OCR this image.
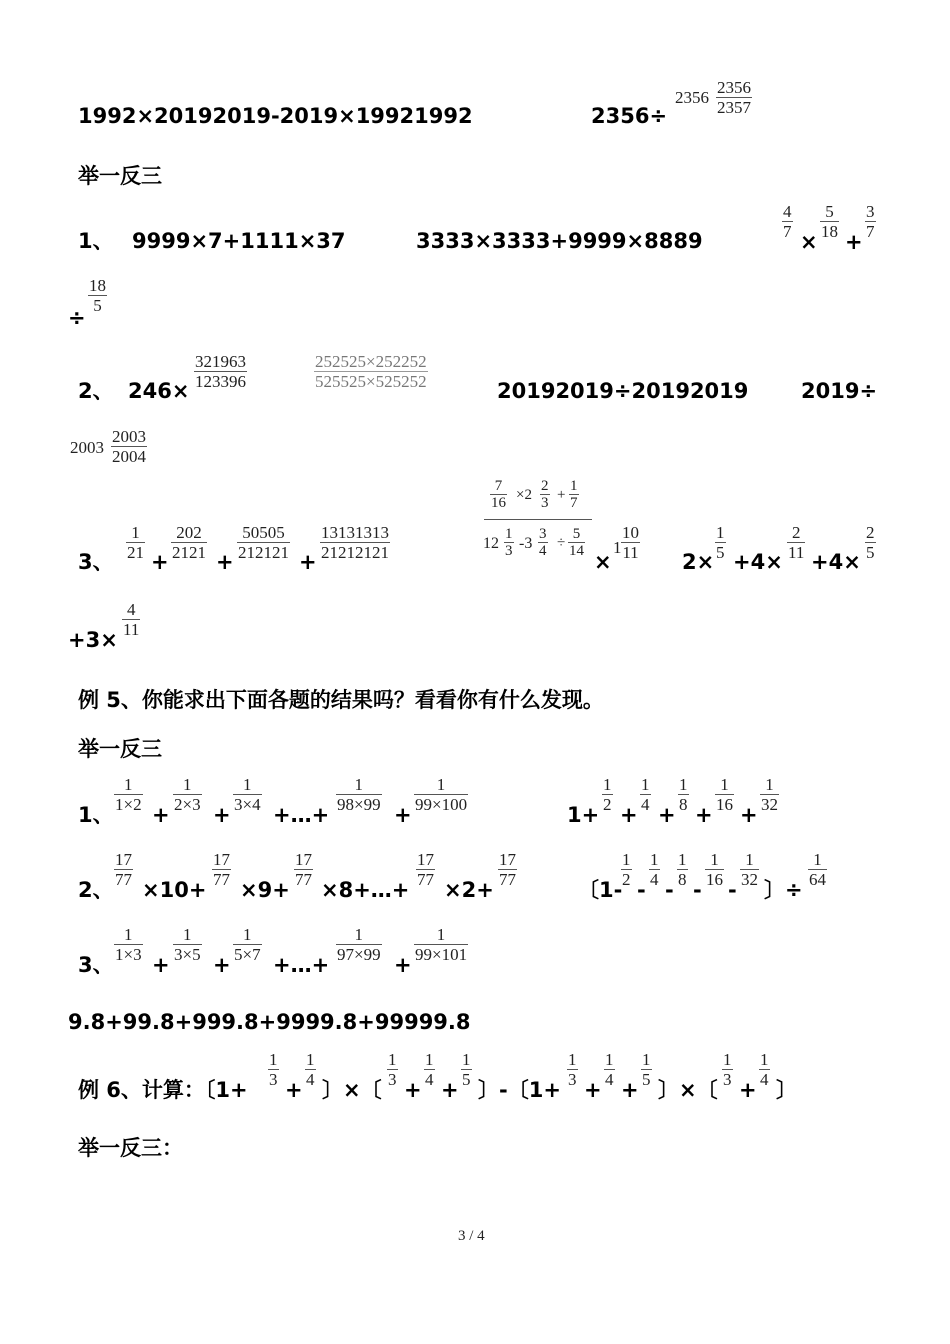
1992×20192019-2019×19921992	2356÷
2356
2356
2357
举一反三
1、 9999×7+1111×37	3333×3333+9999×8889
4
7 ×
5
18 +
3
7
÷
18
5
2、 246×
321963
123396
252525×252252
525525×525252	20192019÷20192019	2019÷
2003
2003
2004
3、
1
21 +
202
2121 +
50505
212121 +
13131313
21212121
7
16 ×2
2
3 +
1
7
12
1
3 -3
3
4 ÷
5
14 ×
1
10
11 2×
1
5 +4×
2
11 +4×
2
5
+3×
4
11
例 5、你能求出下面各题的结果吗？看看你有什么发现。
举一反三
1、
1
1×2 +
1
2×3 +
1
3×4 +…+
1
98×99 +
1
99×100	1+
1
2 +
1
4 +
1
8 +
1
16 +
1
32
2、
17
77 ×10+
17
77 ×9+
17
77 ×8+…+
17
77 ×2+
17
77	〔1-
1
2 -
1
4 -
1
8 -
1
16 -
1
32 〕÷
1
64
3、
1
1×3 +
1
3×5 +
1
5×7 +…+
1
97×99 +
1
99×101
9.8+99.8+999.8+9999.8+99999.8
例 6、计算：〔1+
1
3 +
1
4 〕×〔
1
3 +
1
4 +
1
5 〕-〔1+
1
3 +
1
4 +
1
5 〕×〔
1
3 +
1
4 〕
举一反三：
3 / 4
